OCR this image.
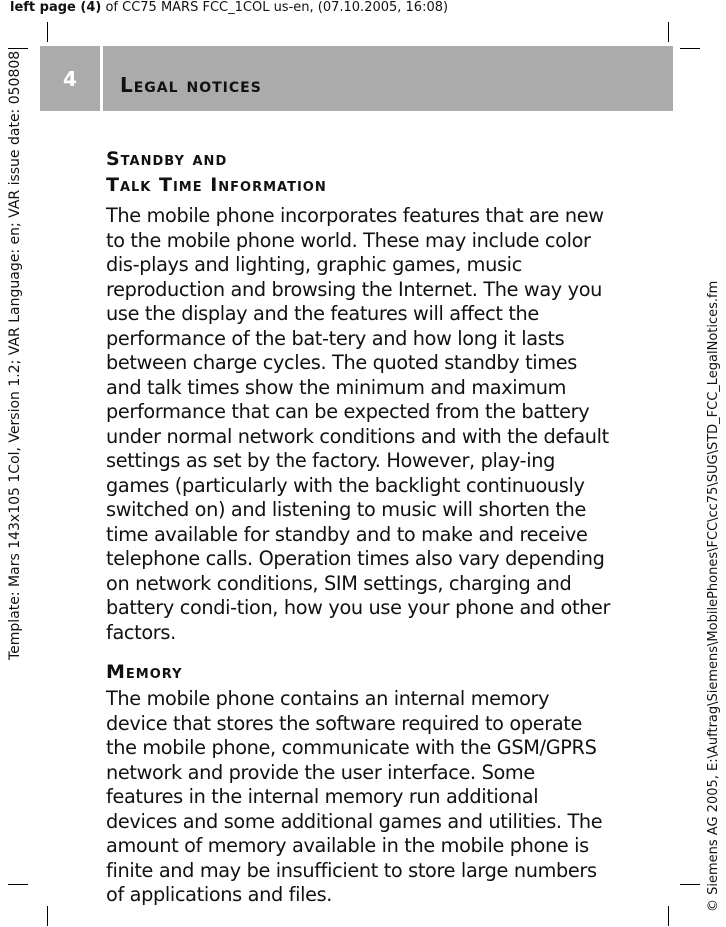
left page (4) of CC75 MARS FCC_1COL us-en, (07.10.2005, 16:08)
Template: Mars 143x105 1Col, Version 1.2; VAR Language: en; VAR issue date: 050808	© Siemens AG 2005, E:\Auftrag\Siemens\MobilePhones\FCC\cc75\SUG\STD_FCC_LegalNotices.fm
4	Legal notices
Standby and
Talk Time Information

The mobile phone incorporates features that are new to the mobile phone world. These may include color dis-plays and lighting, graphic games, music reproduction and browsing the Internet. The way you use the display and the features will affect the performance of the bat-tery and how long it lasts between charge cycles. The quoted standby times and talk times show the minimum and maximum performance that can be expected from the battery under normal network conditions and with the default settings as set by the factory. However, play-ing games (particularly with the backlight continuously switched on) and listening to music will shorten the time available for standby and to make and receive telephone calls. Operation times also vary depending on network conditions, SIM settings, charging and battery condi-tion, how you use your phone and other factors.

Memory

The mobile phone contains an internal memory device that stores the software required to operate the mobile phone, communicate with the GSM/GPRS network and provide the user interface. Some features in the internal memory run additional devices and some additional games and utilities. The amount of memory available in the mobile phone is finite and may be insufficient to store large numbers of applications and files.
